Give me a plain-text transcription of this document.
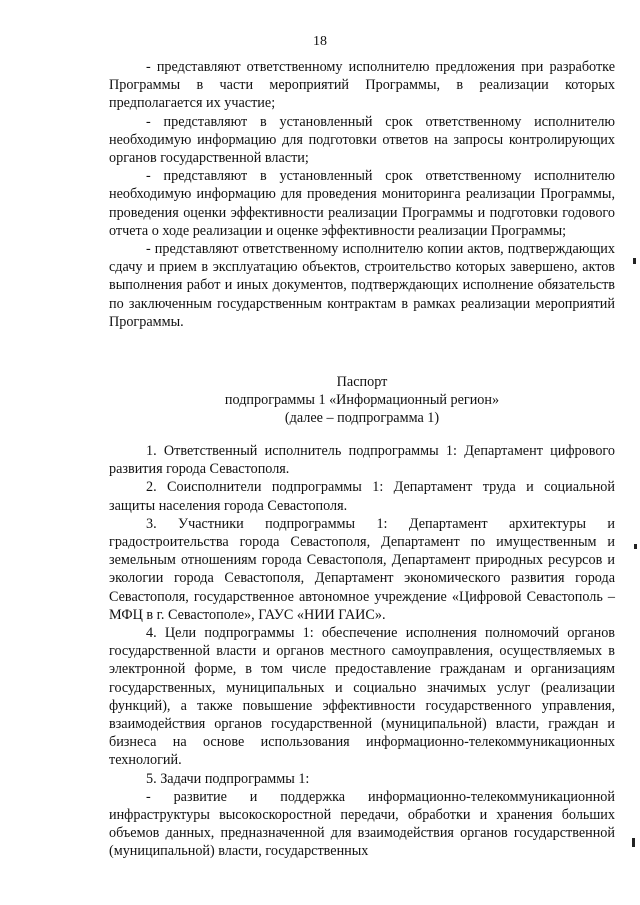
18

- представляют ответственному исполнителю предложения при разработке Программы в части мероприятий Программы, в реализации которых предполагается их участие;

- представляют в установленный срок ответственному исполнителю необходимую информацию для подготовки ответов на запросы контролирующих органов государственной власти;

- представляют в установленный срок ответственному исполнителю необходимую информацию для проведения мониторинга реализации Программы, проведения оценки эффективности реализации Программы и подготовки годового отчета о ходе реализации и оценке эффективности реализации Программы;

- представляют ответственному исполнителю копии актов, подтверждающих сдачу и прием в эксплуатацию объектов, строительство которых завершено, актов выполнения работ и иных документов, подтверждающих исполнение обязательств по заключенным государственным контрактам в рамках реализации мероприятий Программы.

Паспорт
подпрограммы 1 «Информационный регион»
(далее – подпрограмма 1)

1. Ответственный исполнитель подпрограммы 1: Департамент цифрового развития города Севастополя.

2. Соисполнители подпрограммы 1: Департамент труда и социальной защиты населения города Севастополя.

3. Участники подпрограммы 1: Департамент архитектуры и градостроительства города Севастополя, Департамент по имущественным и земельным отношениям города Севастополя, Департамент природных ресурсов и экологии города Севастополя, Департамент экономического развития города Севастополя, государственное автономное учреждение «Цифровой Севастополь – МФЦ в г. Севастополе», ГАУС «НИИ ГАИС».

4. Цели подпрограммы 1: обеспечение исполнения полномочий органов государственной власти и органов местного самоуправления, осуществляемых в электронной форме, в том числе предоставление гражданам и организациям государственных, муниципальных и социально значимых услуг (реализации функций), а также повышение эффективности государственного управления, взаимодействия органов государственной (муниципальной) власти, граждан и бизнеса на основе использования информационно-телекоммуникационных технологий.

5. Задачи подпрограммы 1:

- развитие и поддержка информационно-телекоммуникационной инфраструктуры высокоскоростной передачи, обработки и хранения больших объемов данных, предназначенной для взаимодействия органов государственной (муниципальной) власти, государственных
